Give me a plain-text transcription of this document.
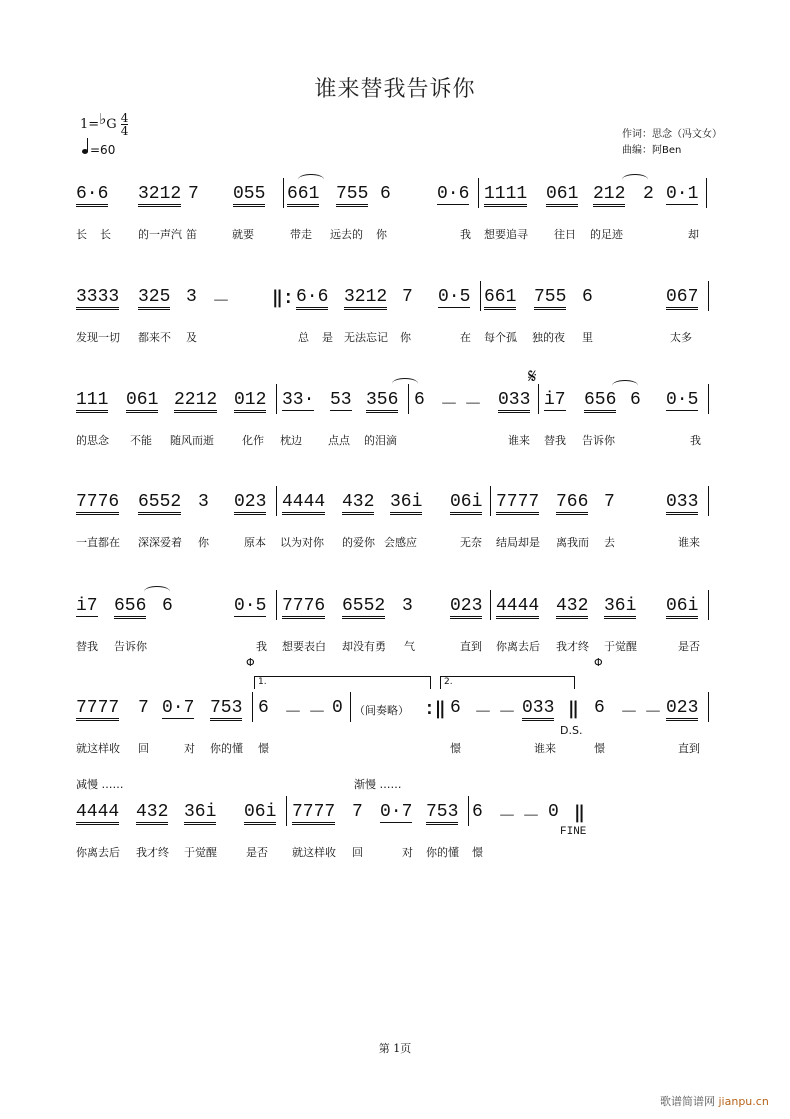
谁来替我告诉你
1=♭G $\frac{4}{4}$
=60
作词：思念（冯文女）
曲编：阿Ben
6·6 3212 7 055 661 755 6	0·6 1111 061 212 2 0·1
长 长 的一声汽 笛	就要	带走 远去的 你	我 想要追寻 往日 的足迹	却
3333 325 3 － ‖: 6·6 3212 7 0·5 661 755 6	067
发现一切 都来不 及	总 是 无法忘记 你	在 每个孤 独的夜 里	太多
111 061 2212 012 33· 53 356 6 － － 033
𝄋
i7 656 6 0·5
的思念 不能 随风而逝	化作 枕边 点点 的泪滴	谁来 替我 告诉你	我
7776 6552 3 023 4444 432 36i 06i 7777 766 7	033
一直都在 深深爱着 你	原本 以为对你 的爱你 会感应	无奈 结局却是 离我而 去	谁来
i7 656 6	0·5 7776 6552 3 023 4444 432 36i 06i
替我 告诉你	我 想要表白 却没有勇 气	直到 你离去后 我才终 于觉醒	是否
Φ	Φ
1.	2.
7777 7 0·7 753 6 － － 0 （间奏略） :‖ 6 － － 033 ‖
D.S.
6 － － 023
就这样收 回	对 你的懂 憬	憬	谁来	憬	直到
减慢 ……	渐慢 ……
4444 432 36i 06i 7777 7 0·7 753 6 － － 0 ‖
FINE
你离去后 我才终 于觉醒	是否 就这样收 回	对 你的懂 憬
第 1页
歌谱简谱网 jianpu.cn
